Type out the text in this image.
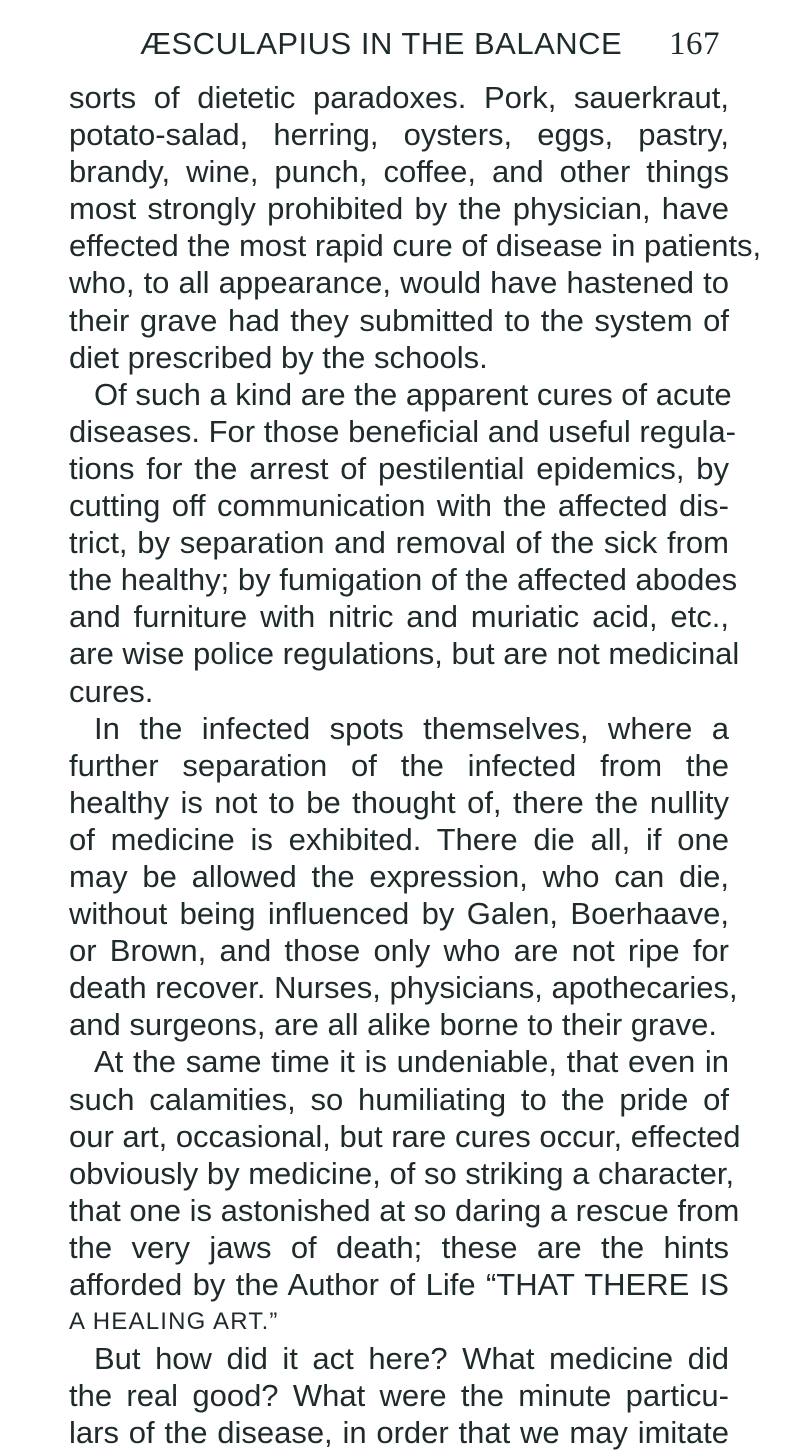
ÆSCULAPIUS IN THE BALANCE 167
sorts of dietetic paradoxes. Pork, sauerkraut,
potato-salad, herring, oysters, eggs, pastry,
brandy, wine, punch, coffee, and other things
most strongly prohibited by the physician, have
effected the most rapid cure of disease in patients,
who, to all appearance, would have hastened to
their grave had they submitted to the system of
diet prescribed by the schools.
Of such a kind are the apparent cures of acute
diseases. For those beneficial and useful regula-
tions for the arrest of pestilential epidemics, by
cutting off communication with the affected dis-
trict, by separation and removal of the sick from
the healthy; by fumigation of the affected abodes
and furniture with nitric and muriatic acid, etc.,
are wise police regulations, but are not medicinal
cures.
In the infected spots themselves, where a
further separation of the infected from the
healthy is not to be thought of, there the nullity
of medicine is exhibited. There die all, if one
may be allowed the expression, who can die,
without being influenced by Galen, Boerhaave,
or Brown, and those only who are not ripe for
death recover. Nurses, physicians, apothecaries,
and surgeons, are all alike borne to their grave.
At the same time it is undeniable, that even in
such calamities, so humiliating to the pride of
our art, occasional, but rare cures occur, effected
obviously by medicine, of so striking a character,
that one is astonished at so daring a rescue from
the very jaws of death; these are the hints
afforded by the Author of Life “THAT THERE IS
A HEALING ART.”
But how did it act here? What medicine did
the real good? What were the minute particu-
lars of the disease, in order that we may imitate
